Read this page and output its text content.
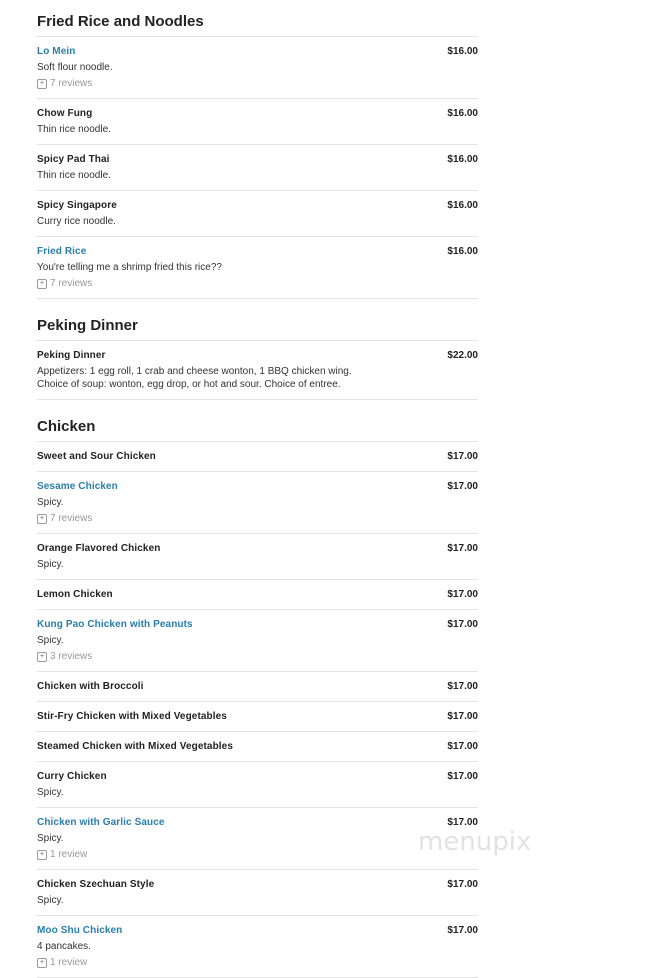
Fried Rice and Noodles
Lo Mein	$16.00
Soft flour noodle.
+ 7 reviews
Chow Fung	$16.00
Thin rice noodle.
Spicy Pad Thai	$16.00
Thin rice noodle.
Spicy Singapore	$16.00
Curry rice noodle.
Fried Rice	$16.00
You're telling me a shrimp fried this rice??
+ 7 reviews
Peking Dinner
Peking Dinner	$22.00
Appetizers: 1 egg roll, 1 crab and cheese wonton, 1 BBQ chicken wing.
Choice of soup: wonton, egg drop, or hot and sour. Choice of entree.
Chicken
Sweet and Sour Chicken	$17.00
Sesame Chicken	$17.00
Spicy.
+ 7 reviews
Orange Flavored Chicken	$17.00
Spicy.
Lemon Chicken	$17.00
Kung Pao Chicken with Peanuts	$17.00
Spicy.
+ 3 reviews
Chicken with Broccoli	$17.00
Stir-Fry Chicken with Mixed Vegetables	$17.00
Steamed Chicken with Mixed Vegetables	$17.00
Curry Chicken	$17.00
Spicy.
Chicken with Garlic Sauce	$17.00
Spicy.
+ 1 review
Chicken Szechuan Style	$17.00
Spicy.
Moo Shu Chicken	$17.00
4 pancakes.
+ 1 review
menupix
